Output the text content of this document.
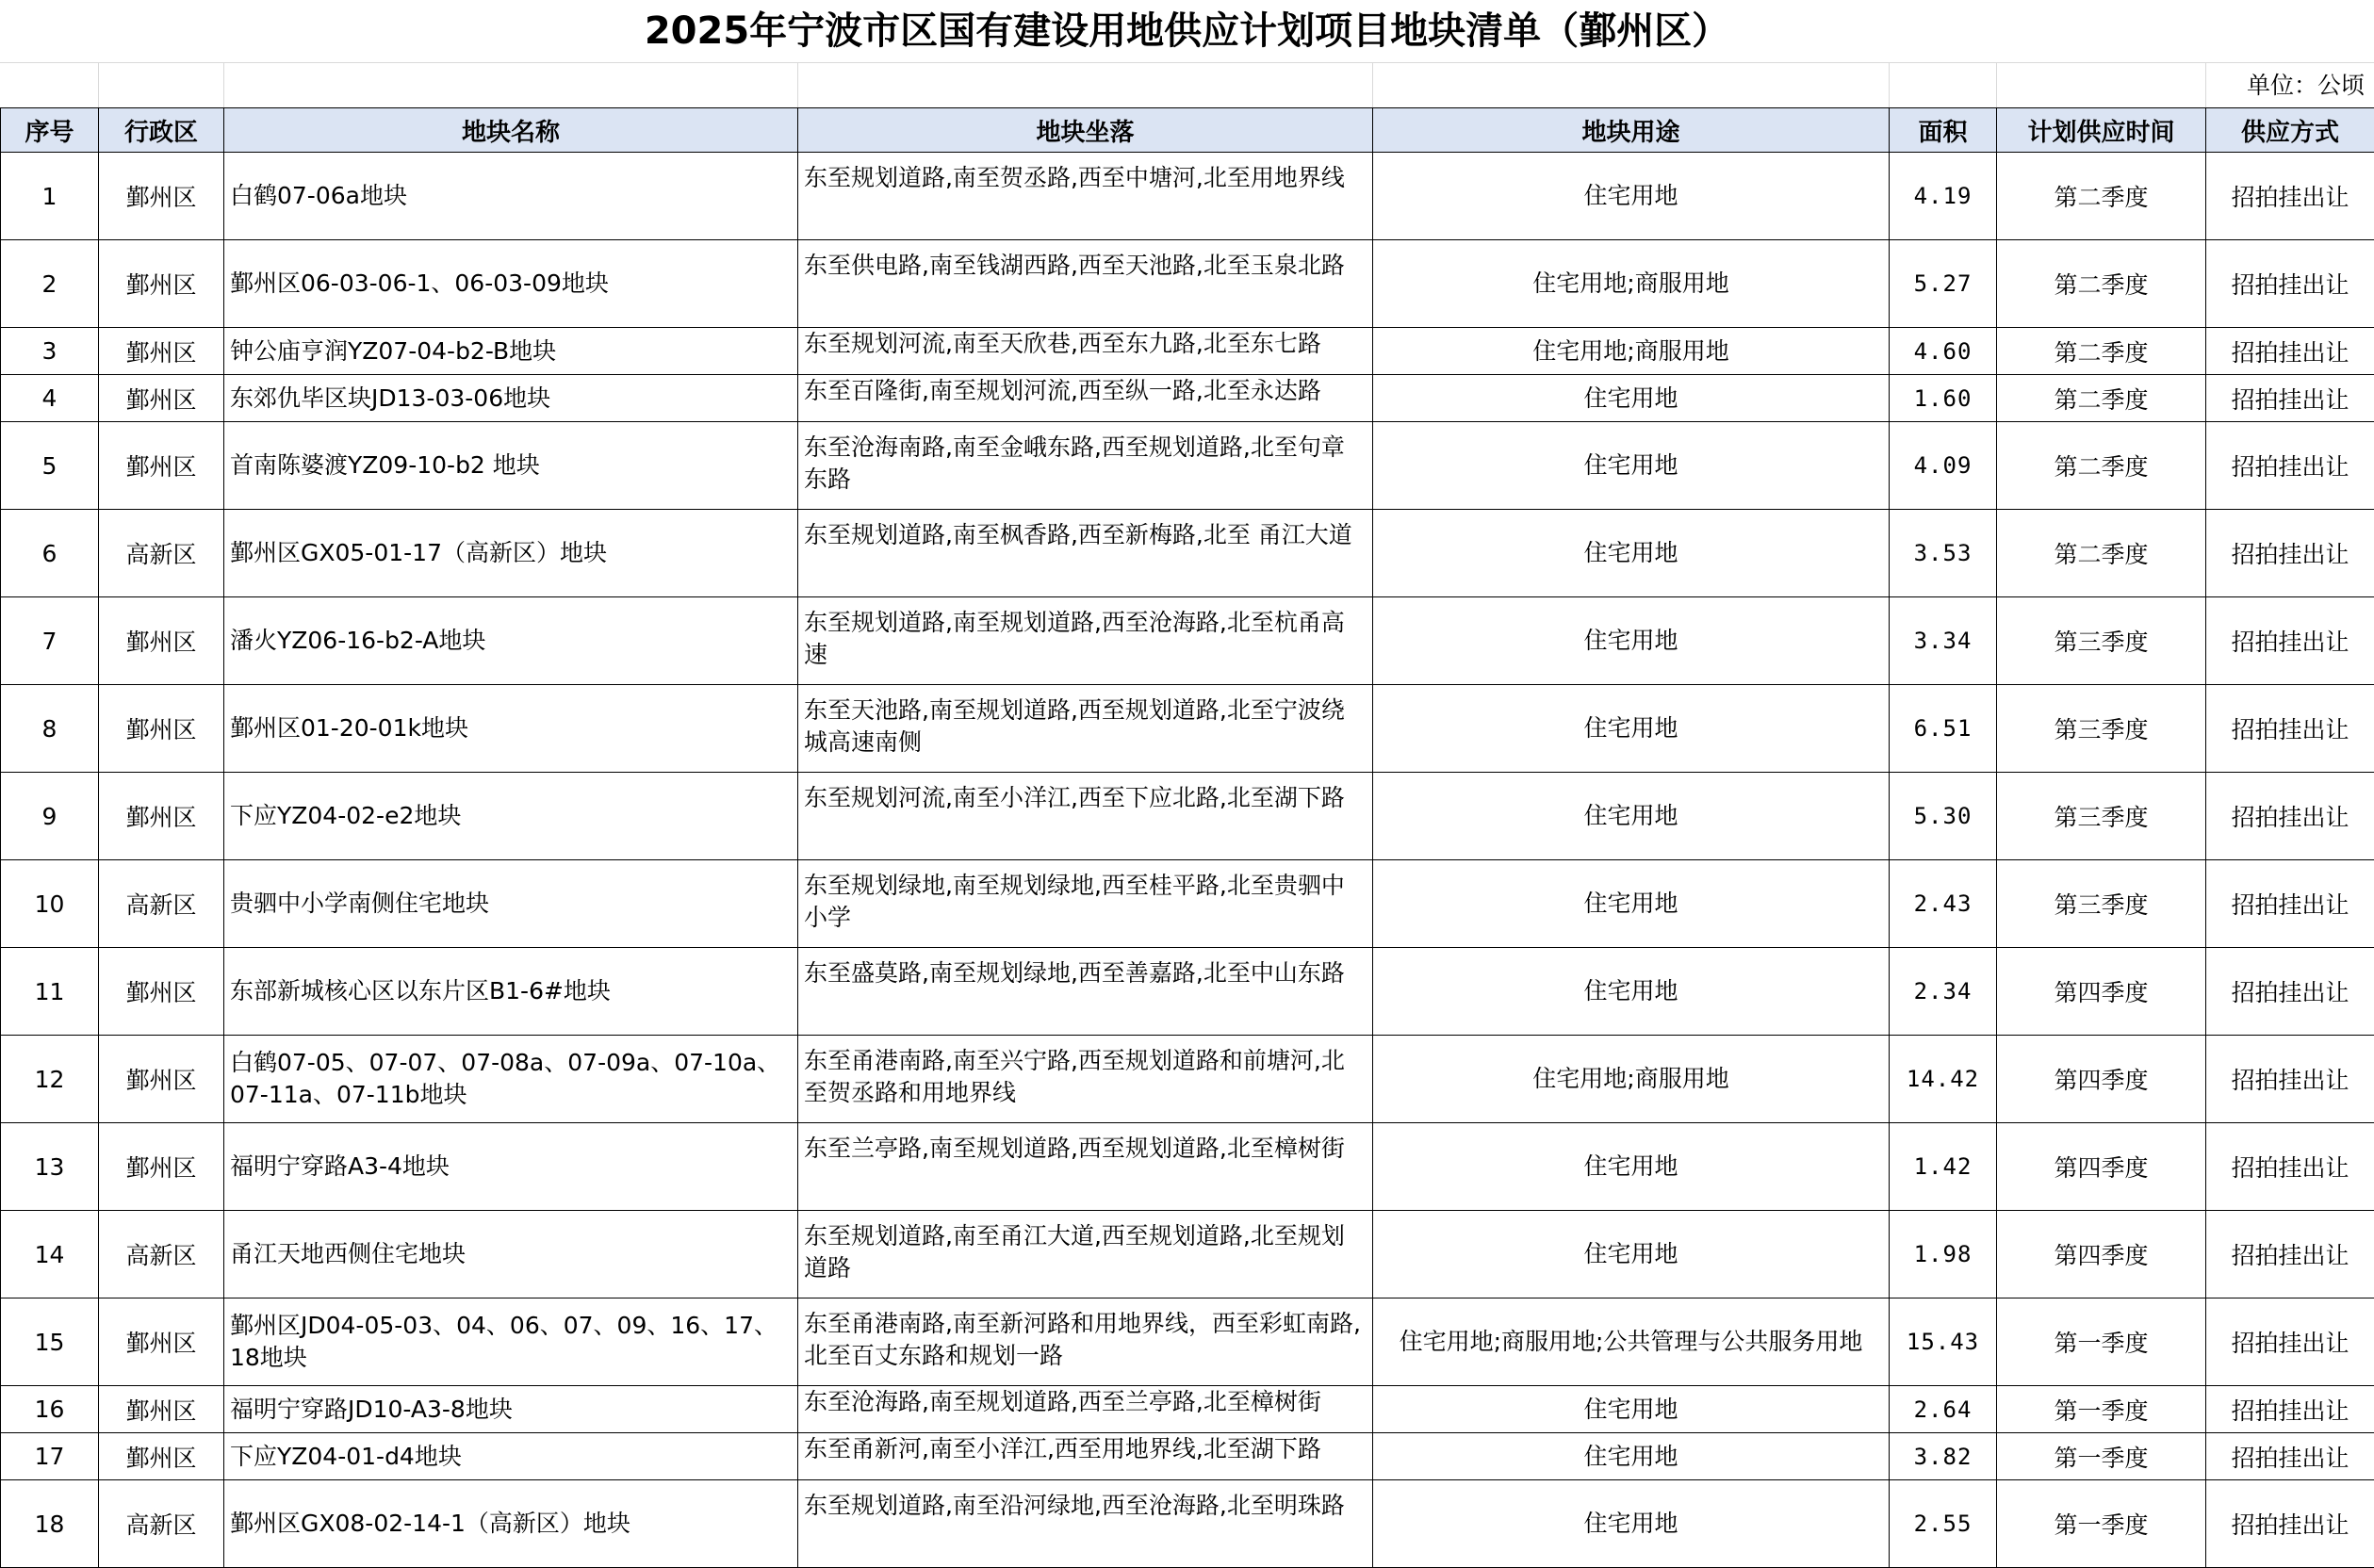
2025年宁波市区国有建设用地供应计划项目地块清单（鄞州区）
单位：公顷
序号	行政区	地块名称	地块坐落	地块用途	面积	计划供应时间	供应方式
1	鄞州区	白鹤07-06a地块	东至规划道路,南至贺丞路,西至中塘河,北至用地界线	住宅用地	4.19	第二季度	招拍挂出让
2	鄞州区	鄞州区06-03-06-1、06-03-09地块	东至供电路,南至钱湖西路,西至天池路,北至玉泉北路	住宅用地;商服用地	5.27	第二季度	招拍挂出让
3	鄞州区	钟公庙亨润YZ07-04-b2-B地块	东至规划河流,南至天欣巷,西至东九路,北至东七路	住宅用地;商服用地	4.60	第二季度	招拍挂出让
4	鄞州区	东郊仇毕区块JD13-03-06地块	东至百隆街,南至规划河流,西至纵一路,北至永达路	住宅用地	1.60	第二季度	招拍挂出让
5	鄞州区	首南陈婆渡YZ09-10-b2 地块	东至沧海南路,南至金峨东路,西至规划道路,北至句章东路	住宅用地	4.09	第二季度	招拍挂出让
6	高新区	鄞州区GX05-01-17（高新区）地块	东至规划道路,南至枫香路,西至新梅路,北至 甬江大道	住宅用地	3.53	第二季度	招拍挂出让
7	鄞州区	潘火YZ06-16-b2-A地块	东至规划道路,南至规划道路,西至沧海路,北至杭甬高速	住宅用地	3.34	第三季度	招拍挂出让
8	鄞州区	鄞州区01-20-01k地块	东至天池路,南至规划道路,西至规划道路,北至宁波绕城高速南侧	住宅用地	6.51	第三季度	招拍挂出让
9	鄞州区	下应YZ04-02-e2地块	东至规划河流,南至小洋江,西至下应北路,北至湖下路	住宅用地	5.30	第三季度	招拍挂出让
10	高新区	贵驷中小学南侧住宅地块	东至规划绿地,南至规划绿地,西至桂平路,北至贵驷中小学	住宅用地	2.43	第三季度	招拍挂出让
11	鄞州区	东部新城核心区以东片区B1-6#地块	东至盛莫路,南至规划绿地,西至善嘉路,北至中山东路	住宅用地	2.34	第四季度	招拍挂出让
12	鄞州区	白鹤07-05、07-07、07-08a、07-09a、07-10a、07-11a、07-11b地块	东至甬港南路,南至兴宁路,西至规划道路和前塘河,北至贺丞路和用地界线	住宅用地;商服用地	14.42	第四季度	招拍挂出让
13	鄞州区	福明宁穿路A3-4地块	东至兰亭路,南至规划道路,西至规划道路,北至樟树街	住宅用地	1.42	第四季度	招拍挂出让
14	高新区	甬江天地西侧住宅地块	东至规划道路,南至甬江大道,西至规划道路,北至规划道路	住宅用地	1.98	第四季度	招拍挂出让
15	鄞州区	鄞州区JD04-05-03、04、06、07、09、16、17、18地块	东至甬港南路,南至新河路和用地界线，西至彩虹南路,北至百丈东路和规划一路	住宅用地;商服用地;公共管理与公共服务用地	15.43	第一季度	招拍挂出让
16	鄞州区	福明宁穿路JD10-A3-8地块	东至沧海路,南至规划道路,西至兰亭路,北至樟树街	住宅用地	2.64	第一季度	招拍挂出让
17	鄞州区	下应YZ04-01-d4地块	东至甬新河,南至小洋江,西至用地界线,北至湖下路	住宅用地	3.82	第一季度	招拍挂出让
18	高新区	鄞州区GX08-02-14-1（高新区）地块	东至规划道路,南至沿河绿地,西至沧海路,北至明珠路	住宅用地	2.55	第一季度	招拍挂出让
